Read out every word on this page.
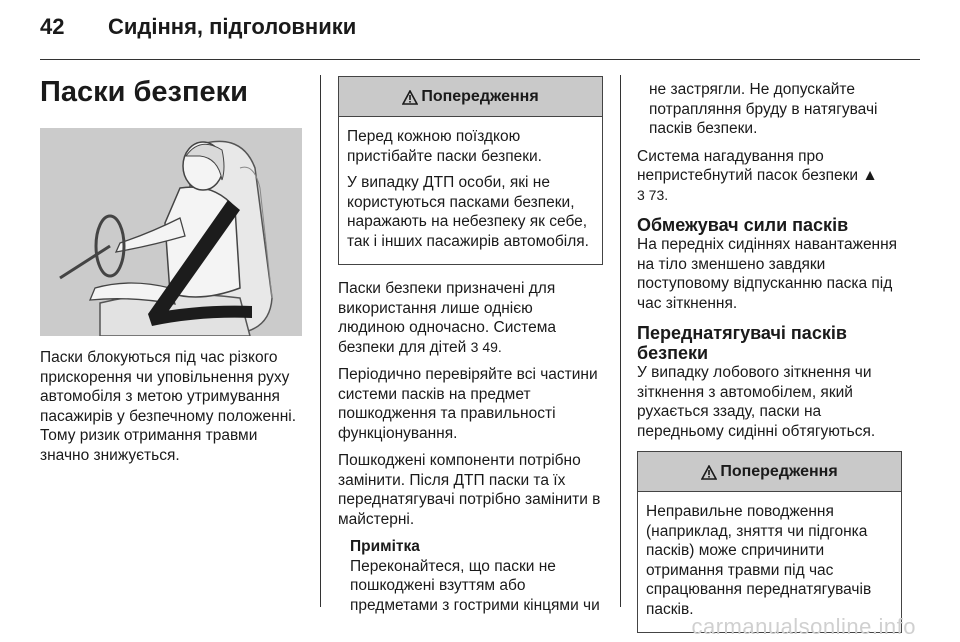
42	Сидіння, підголовники
Паски безпеки

Паски блокуються під час різкого прискорення чи уповільнення руху автомобіля з метою утримування пасажирів у безпечному положенні. Тому ризик отримання травми значно знижується.

Попередження

Перед кожною поїздкою пристібайте паски безпеки.

У випадку ДТП особи, які не користуються пасками безпеки, наражають на небезпеку як себе, так і інших пасажирів автомобіля.

Паски безпеки призначені для використання лише однією людиною одночасно. Система безпеки для дітей 3 49.

Періодично перевіряйте всі частини системи пасків на предмет пошкодження та правильності функціонування.

Пошкоджені компоненти потрібно замінити. Після ДТП паски та їх переднатягувачі потрібно замінити в майстерні.

Примітка
Переконайтеся, що паски не пошкоджені взуттям або предметами з гострими кінцями чи

не застрягли. Не допускайте потрапляння бруду в натягувачі пасків безпеки.

Система нагадування про непристебнутий пасок безпеки ▲
3 73.

Обмежувач сили пасків

На передніх сидіннях навантаження на тіло зменшено завдяки поступовому відпусканню паска під час зіткнення.

Переднатягувачі пасків безпеки

У випадку лобового зіткнення чи зіткнення з автомобілем, який рухається ззаду, паски на передньому сидінні обтягуються.

Попередження

Неправильне поводження (наприклад, зняття чи підгонка пасків) може спричинити отримання травми під час спрацювання переднатягувачів пасків.

carmanualsonline.info
